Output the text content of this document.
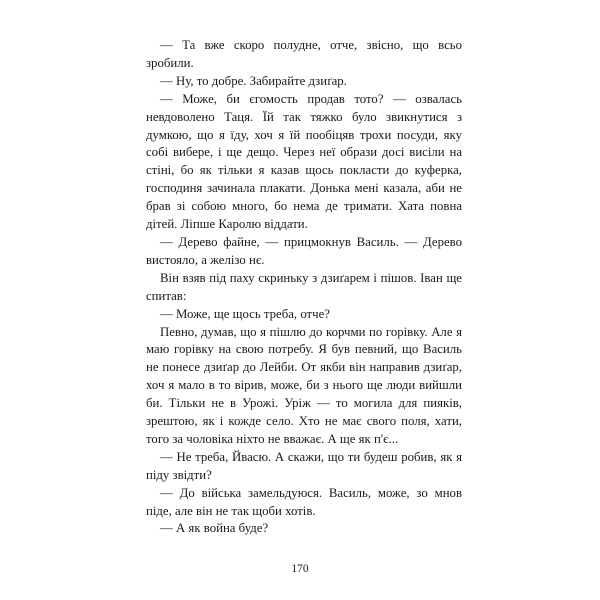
— Та вже скоро полудне, отче, звісно, що всьо зробили.

— Ну, то добре. Забирайте дзиґар.

— Може, би єгомость продав тото? — озвалась невдоволено Таця. Їй так тяжко було звикнутися з думкою, що я їду, хоч я їй пообіцяв трохи посуди, яку собі вибере, і ще дещо. Через неї образи досі висіли на стіні, бо як тільки я казав щось покласти до куферка, господиня зачинала плакати. Донька мені казала, аби не брав зі собою много, бо нема де тримати. Хата повна дітей. Ліпше Каролю віддати.

— Дерево файне, — прицмокнув Василь. — Дерево вистояло, а желізо нє.

Він взяв під паху скриньку з дзиґарем і пішов. Іван ще спитав:

— Може, ще щось треба, отче?

Певно, думав, що я пішлю до корчми по горівку. Але я маю горівку на свою потребу. Я був певний, що Василь не понесе дзиґар до Лейби. От якби він направив дзиґар, хоч я мало в то вірив, може, би з нього ще люди вийшли би. Тільки не в Урожі. Уріж — то могила для пияків, зрештою, як і кожде село. Хто не має свого поля, хати, того за чоловіка ніхто не вважає. А ще як п'є...

— Не треба, Йвасю. А скажи, що ти будеш робив, як я піду звідти?

— До війська замельдуюся. Василь, може, зо мнов піде, але він не так щоби хотів.

— А як война буде?

170
